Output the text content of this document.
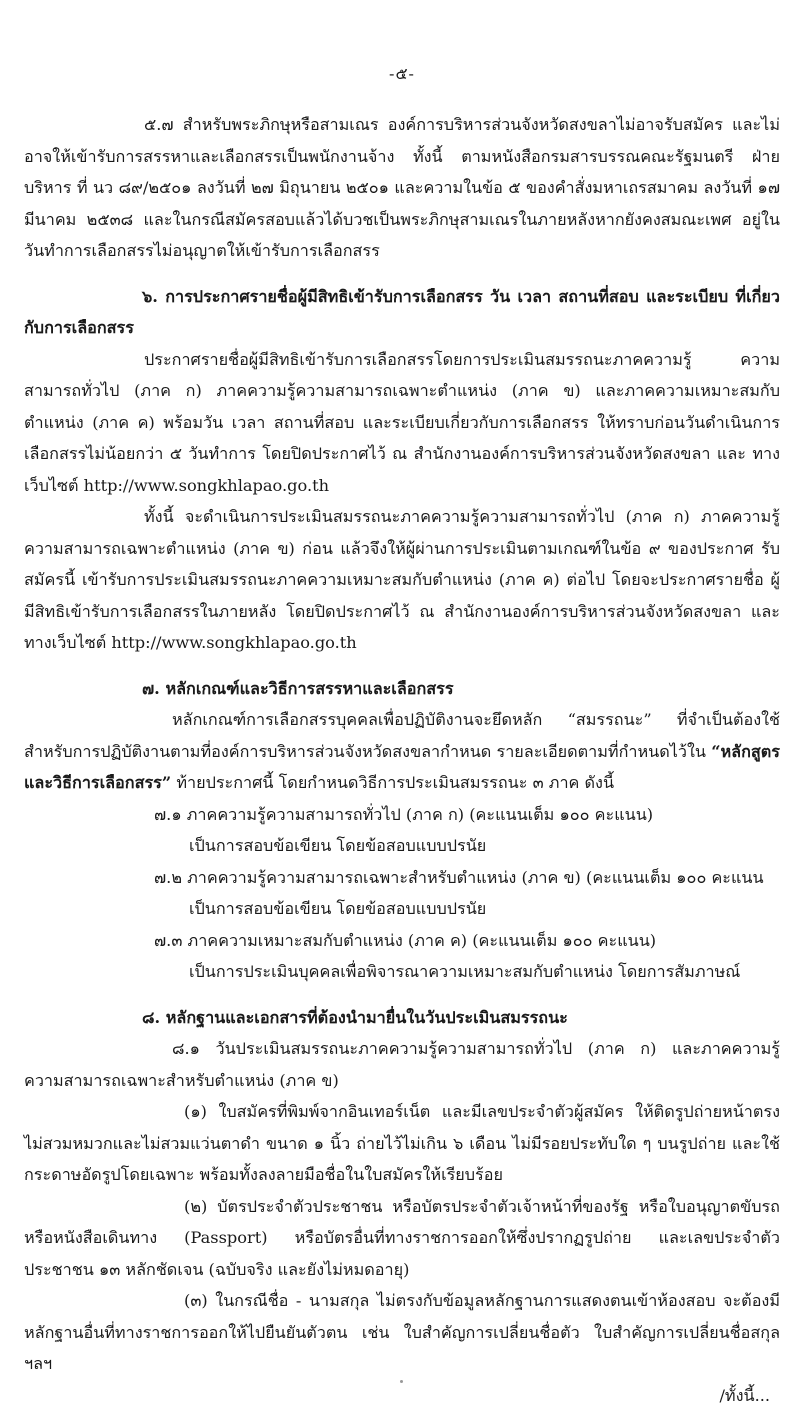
-๕-

๕.๗ สำหรับพระภิกษุหรือสามเณร องค์การบริหารส่วนจังหวัดสงขลาไม่อาจรับสมัคร และไม่อาจให้เข้ารับการสรรหาและเลือกสรรเป็นพนักงานจ้าง ทั้งนี้ ตามหนังสือกรมสารบรรณคณะรัฐมนตรี ฝ่ายบริหาร ที่ นว ๘๙/๒๕๐๑ ลงวันที่ ๒๗ มิถุนายน ๒๕๐๑ และความในข้อ ๕ ของคำสั่งมหาเถรสมาคม ลงวันที่ ๑๗ มีนาคม ๒๕๓๘ และในกรณีสมัครสอบแล้วได้บวชเป็นพระภิกษุสามเณรในภายหลังหากยังคงสมณะเพศ อยู่ในวันทำการเลือกสรรไม่อนุญาตให้เข้ารับการเลือกสรร

๖. การประกาศรายชื่อผู้มีสิทธิเข้ารับการเลือกสรร วัน เวลา สถานที่สอบ และระเบียบ ที่เกี่ยวกับการเลือกสรร

ประกาศรายชื่อผู้มีสิทธิเข้ารับการเลือกสรรโดยการประเมินสมรรถนะภาคความรู้ ความสามารถทั่วไป (ภาค ก) ภาคความรู้ความสามารถเฉพาะตำแหน่ง (ภาค ข) และภาคความเหมาะสมกับ ตำแหน่ง (ภาค ค) พร้อมวัน เวลา สถานที่สอบ และระเบียบเกี่ยวกับการเลือกสรร ให้ทราบก่อนวันดำเนินการ เลือกสรรไม่น้อยกว่า ๕ วันทำการ โดยปิดประกาศไว้ ณ สำนักงานองค์การบริหารส่วนจังหวัดสงขลา และ ทางเว็บไซต์ http://www.songkhlapao.go.th

ทั้งนี้ จะดำเนินการประเมินสมรรถนะภาคความรู้ความสามารถทั่วไป (ภาค ก) ภาคความรู้ ความสามารถเฉพาะตำแหน่ง (ภาค ข) ก่อน แล้วจึงให้ผู้ผ่านการประเมินตามเกณฑ์ในข้อ ๙ ของประกาศ รับสมัครนี้ เข้ารับการประเมินสมรรถนะภาคความเหมาะสมกับตำแหน่ง (ภาค ค) ต่อไป โดยจะประกาศรายชื่อ ผู้มีสิทธิเข้ารับการเลือกสรรในภายหลัง โดยปิดประกาศไว้ ณ สำนักงานองค์การบริหารส่วนจังหวัดสงขลา และ ทางเว็บไซต์ http://www.songkhlapao.go.th

๗. หลักเกณฑ์และวิธีการสรรหาและเลือกสรร

หลักเกณฑ์การเลือกสรรบุคคลเพื่อปฏิบัติงานจะยึดหลัก “สมรรถนะ” ที่จำเป็นต้องใช้ สำหรับการปฏิบัติงานตามที่องค์การบริหารส่วนจังหวัดสงขลากำหนด รายละเอียดตามที่กำหนดไว้ใน “หลักสูตร และวิธีการเลือกสรร” ท้ายประกาศนี้ โดยกำหนดวิธีการประเมินสมรรถนะ ๓ ภาค ดังนี้

๗.๑ ภาคความรู้ความสามารถทั่วไป (ภาค ก) (คะแนนเต็ม ๑๐๐ คะแนน)

เป็นการสอบข้อเขียน โดยข้อสอบแบบปรนัย

๗.๒ ภาคความรู้ความสามารถเฉพาะสำหรับตำแหน่ง (ภาค ข) (คะแนนเต็ม ๑๐๐ คะแนน

เป็นการสอบข้อเขียน โดยข้อสอบแบบปรนัย

๗.๓ ภาคความเหมาะสมกับตำแหน่ง (ภาค ค) (คะแนนเต็ม ๑๐๐ คะแนน)

เป็นการประเมินบุคคลเพื่อพิจารณาความเหมาะสมกับตำแหน่ง โดยการสัมภาษณ์

๘. หลักฐานและเอกสารที่ต้องนำมายื่นในวันประเมินสมรรถนะ

๘.๑ วันประเมินสมรรถนะภาคความรู้ความสามารถทั่วไป (ภาค ก) และภาคความรู้ ความสามารถเฉพาะสำหรับตำแหน่ง (ภาค ข)

(๑) ใบสมัครที่พิมพ์จากอินเทอร์เน็ต และมีเลขประจำตัวผู้สมัคร ให้ติดรูปถ่ายหน้าตรง ไม่สวมหมวกและไม่สวมแว่นตาดำ ขนาด ๑ นิ้ว ถ่ายไว้ไม่เกิน ๖ เดือน ไม่มีรอยประทับใด ๆ บนรูปถ่าย และใช้ กระดาษอัดรูปโดยเฉพาะ พร้อมทั้งลงลายมือชื่อในใบสมัครให้เรียบร้อย

(๒) บัตรประจำตัวประชาชน หรือบัตรประจำตัวเจ้าหน้าที่ของรัฐ หรือใบอนุญาตขับรถ หรือหนังสือเดินทาง (Passport) หรือบัตรอื่นที่ทางราชการออกให้ซึ่งปรากฏรูปถ่าย และเลขประจำตัวประชาชน ๑๓ หลักชัดเจน (ฉบับจริง และยังไม่หมดอายุ)

(๓) ในกรณีชื่อ - นามสกุล ไม่ตรงกับข้อมูลหลักฐานการแสดงตนเข้าห้องสอบ จะต้องมี หลักฐานอื่นที่ทางราชการออกให้ไปยืนยันตัวตน เช่น ใบสำคัญการเปลี่ยนชื่อตัว ใบสำคัญการเปลี่ยนชื่อสกุล ฯลฯ

/ทั้งนี้...
